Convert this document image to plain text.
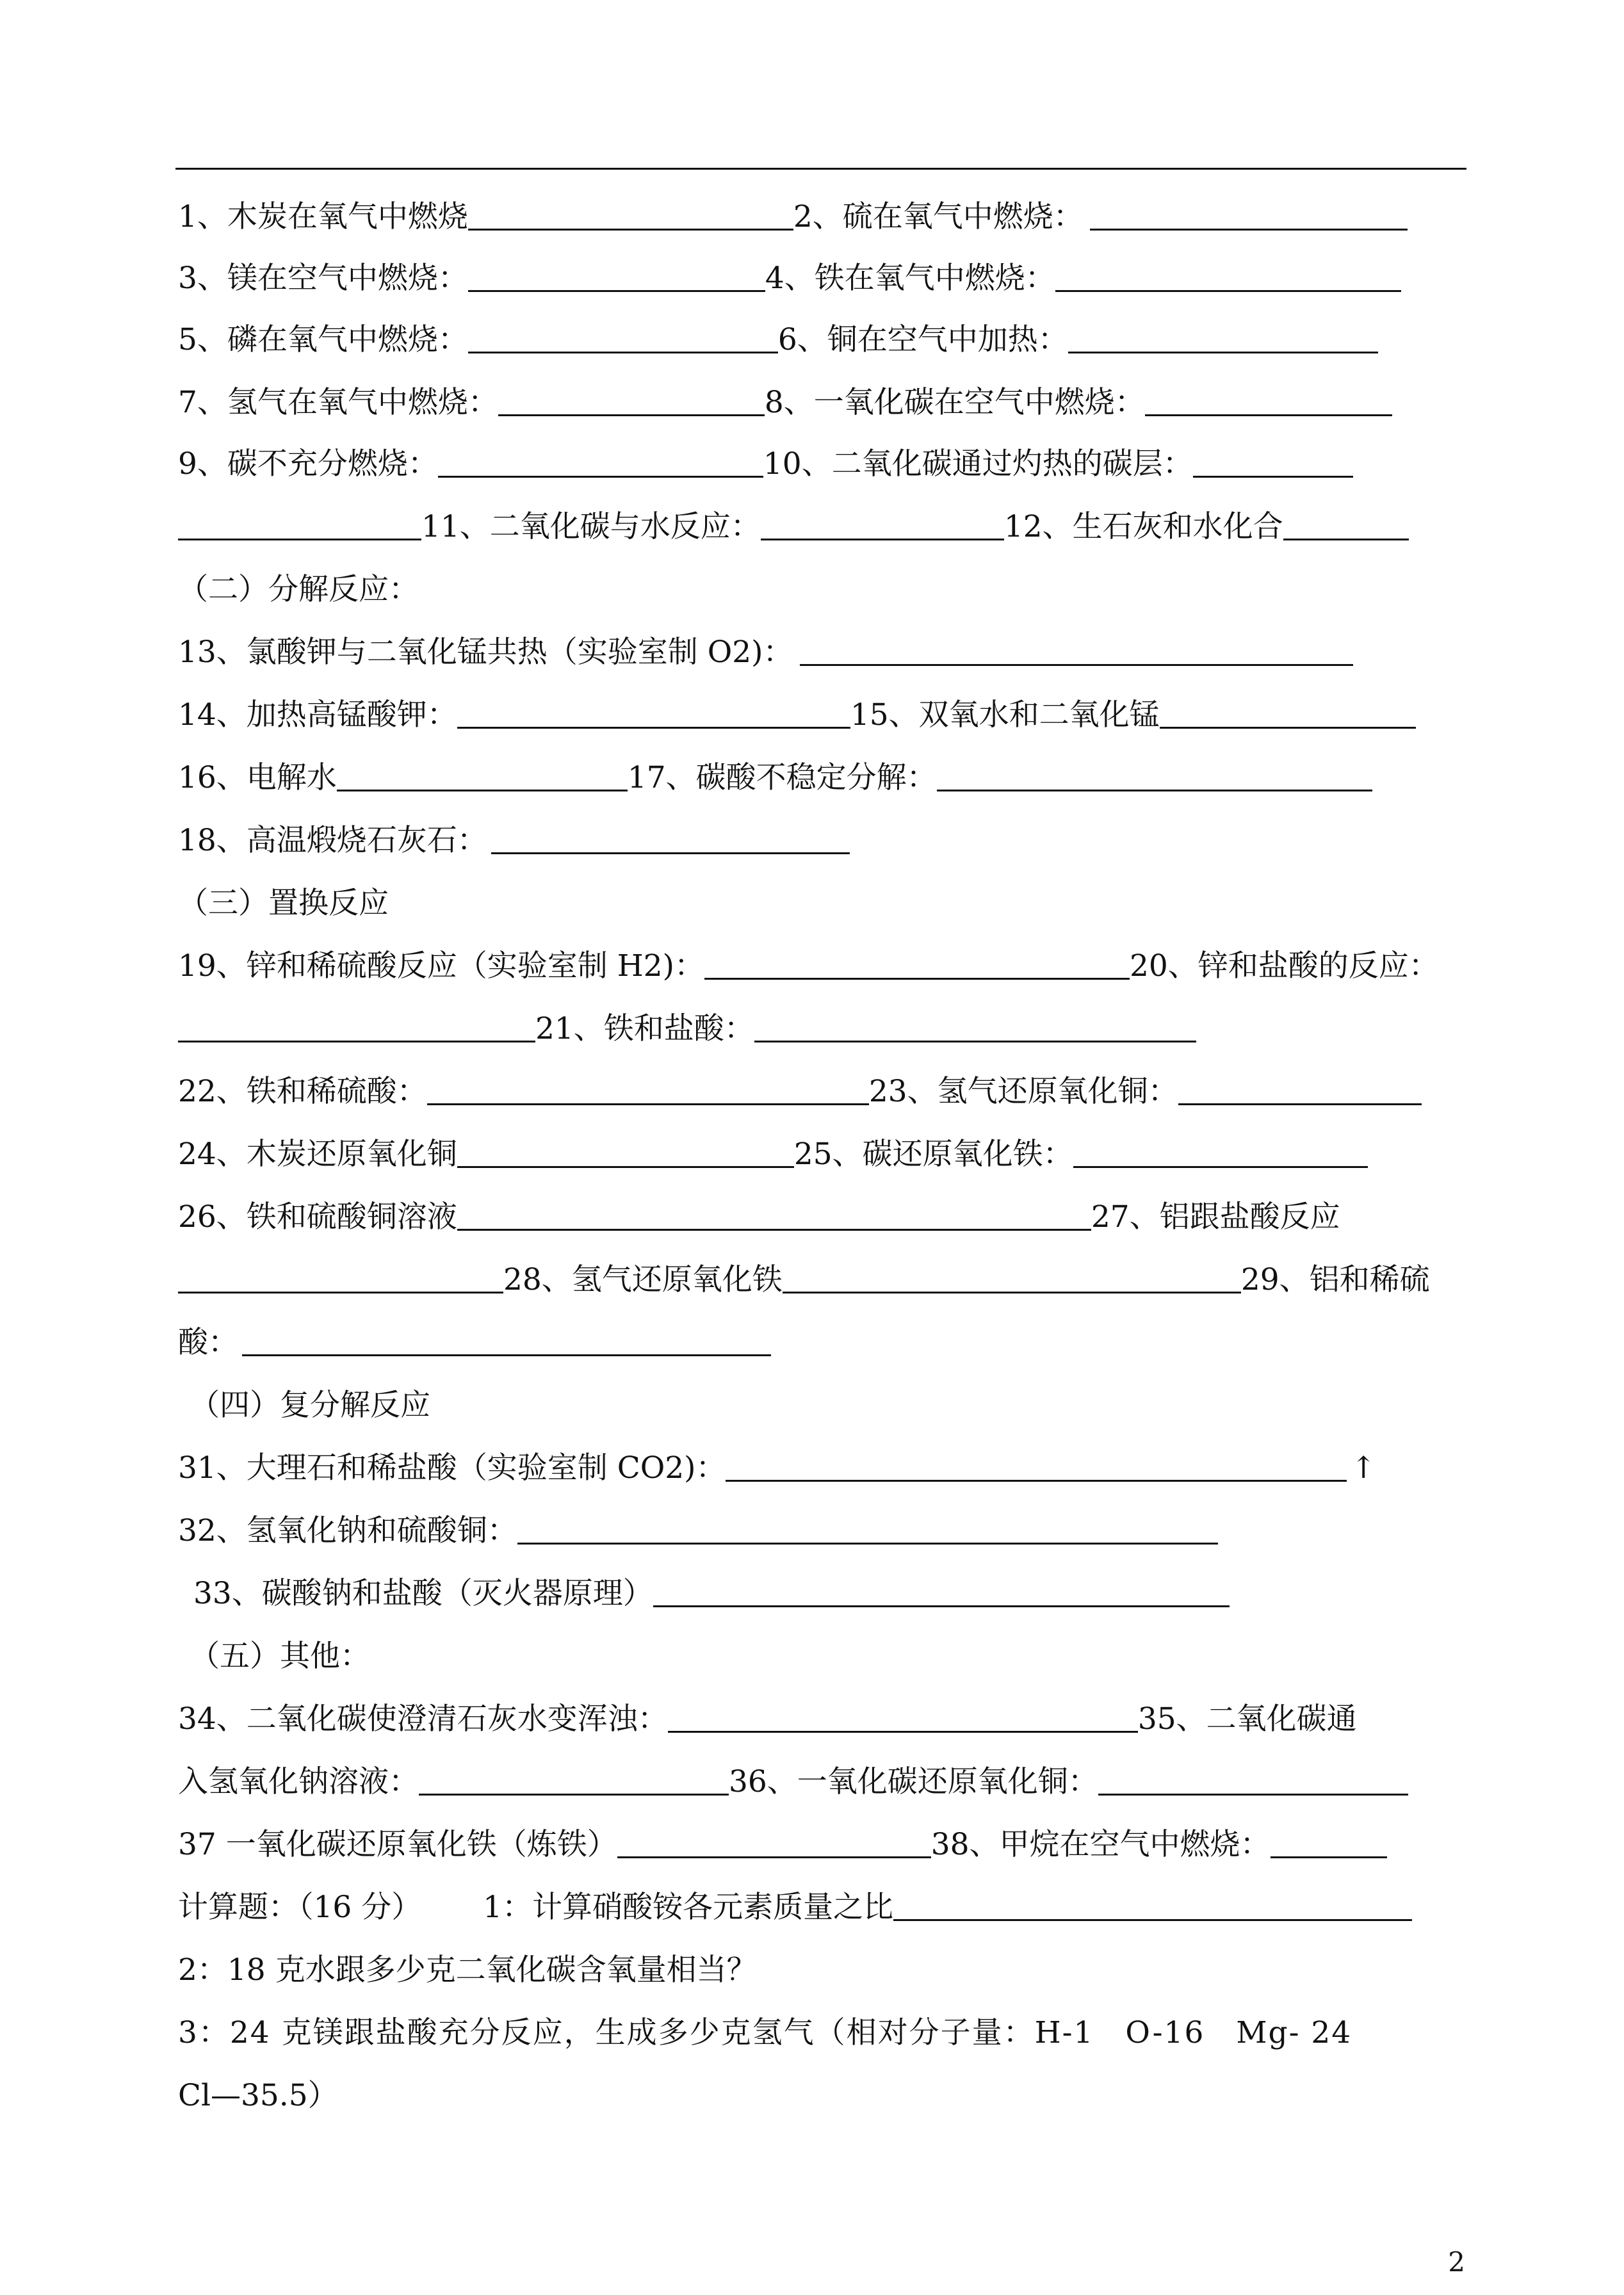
1、木炭在氧气中燃烧	2、硫在氧气中燃烧：
3、镁在空气中燃烧：	4、铁在氧气中燃烧：
5、磷在氧气中燃烧：	6、铜在空气中加热：
7、氢气在氧气中燃烧：	8、一氧化碳在空气中燃烧：
9、碳不充分燃烧：	10、二氧化碳通过灼热的碳层：
11、二氧化碳与水反应：	12、生石灰和水化合
（二）分解反应：
13、氯酸钾与二氧化锰共热（实验室制 O2)：
14、加热高锰酸钾：	15、双氧水和二氧化锰
16、电解水	17、碳酸不稳定分解：
18、高温煅烧石灰石：
（三）置换反应
19、锌和稀硫酸反应（实验室制 H2)：	20、锌和盐酸的反应：
21、铁和盐酸：
22、铁和稀硫酸：	23、氢气还原氧化铜：
24、木炭还原氧化铜	25、碳还原氧化铁：
26、铁和硫酸铜溶液	27、铝跟盐酸反应
28、氢气还原氧化铁	29、铝和稀硫
酸：
（四）复分解反应
31、大理石和稀盐酸（实验室制 CO2)：	↑
32、氢氧化钠和硫酸铜：
33、碳酸钠和盐酸（灭火器原理）
（五）其他：
34、二氧化碳使澄清石灰水变浑浊：	35、二氧化碳通
入氢氧化钠溶液：	36、一氧化碳还原氧化铜：
37 一氧化碳还原氧化铁（炼铁）	38、甲烷在空气中燃烧：
计算题：（16 分） 1：计算硝酸铵各元素质量之比
2：18 克水跟多少克二氧化碳含氧量相当？
3：24 克镁跟盐酸充分反应，生成多少克氢气（相对分子量：H-1　O-16　Mg- 24
Cl—35.5）
2
